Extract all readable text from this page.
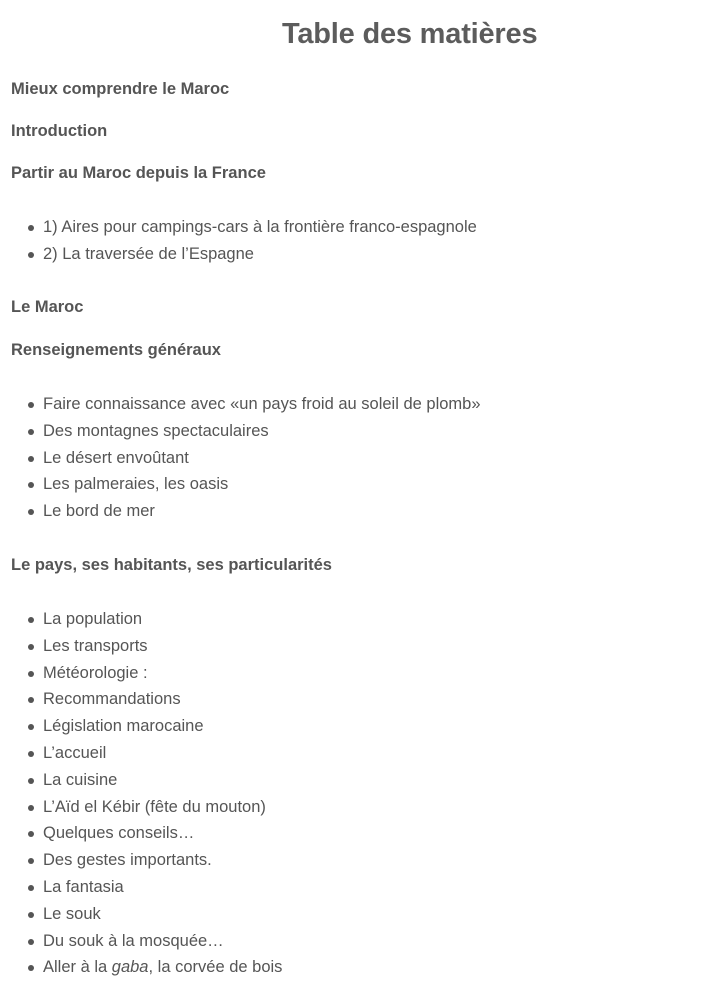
Table des matières
Mieux comprendre le Maroc
Introduction
Partir au Maroc depuis la France
1) Aires pour campings-cars à la frontière franco-espagnole
2) La traversée de l’Espagne
Le Maroc
Renseignements généraux
Faire connaissance avec «un pays froid au soleil de plomb»
Des montagnes spectaculaires
Le désert envoûtant
Les palmeraies, les oasis
Le bord de mer
Le pays, ses habitants, ses particularités
La population
Les transports
Météorologie :
Recommandations
Législation marocaine
L’accueil
La cuisine
L’Aïd el Kébir (fête du mouton)
Quelques conseils…
Des gestes importants.
La fantasia
Le souk
Du souk à la mosquée…
Aller à la gaba, la corvée de bois
